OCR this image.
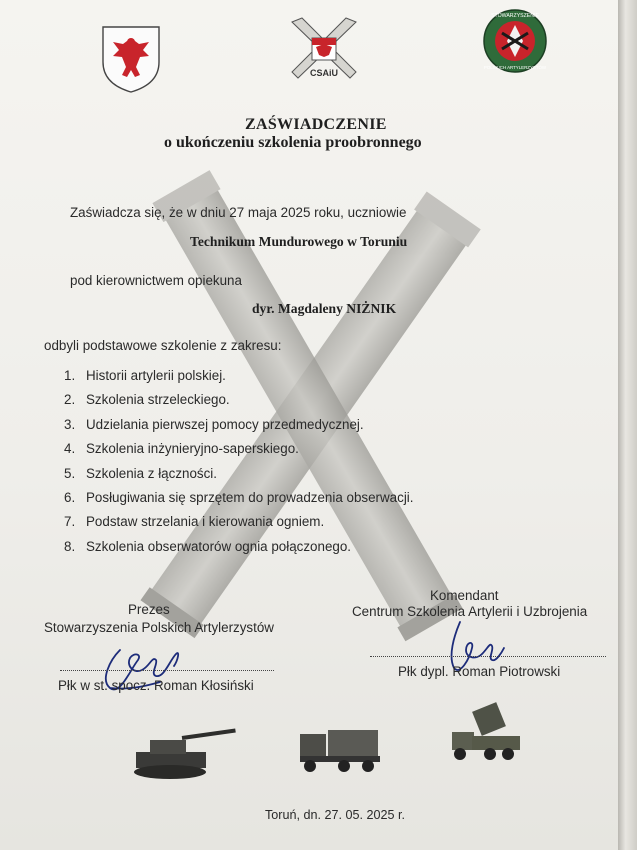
CSAiU
STOWARZYSZENIE
POLSKICH ARTYLERZYSTÓW
ZAŚWIADCZENIE
o ukończeniu szkolenia proobronnego
Zaświadcza się, że w dniu 27 maja 2025 roku, uczniowie
Technikum Mundurowego w Toruniu
pod kierownictwem opiekuna
dyr. Magdaleny NIŻNIK
odbyli podstawowe szkolenie z zakresu:
1. Historii artylerii polskiej.
2. Szkolenia strzeleckiego.
3. Udzielania pierwszej pomocy przedmedycznej.
4. Szkolenia inżynieryjno-saperskiego.
5. Szkolenia z łączności.
6. Posługiwania się sprzętem do prowadzenia obserwacji.
7. Podstaw strzelania i kierowania ogniem.
8. Szkolenia obserwatorów ognia połączonego.
Prezes
Stowarzyszenia Polskich Artylerzystów
Płk w st. spocz. Roman Kłosiński
Komendant
Centrum Szkolenia Artylerii i Uzbrojenia
Płk dypl. Roman Piotrowski
Toruń, dn. 27. 05. 2025 r.
